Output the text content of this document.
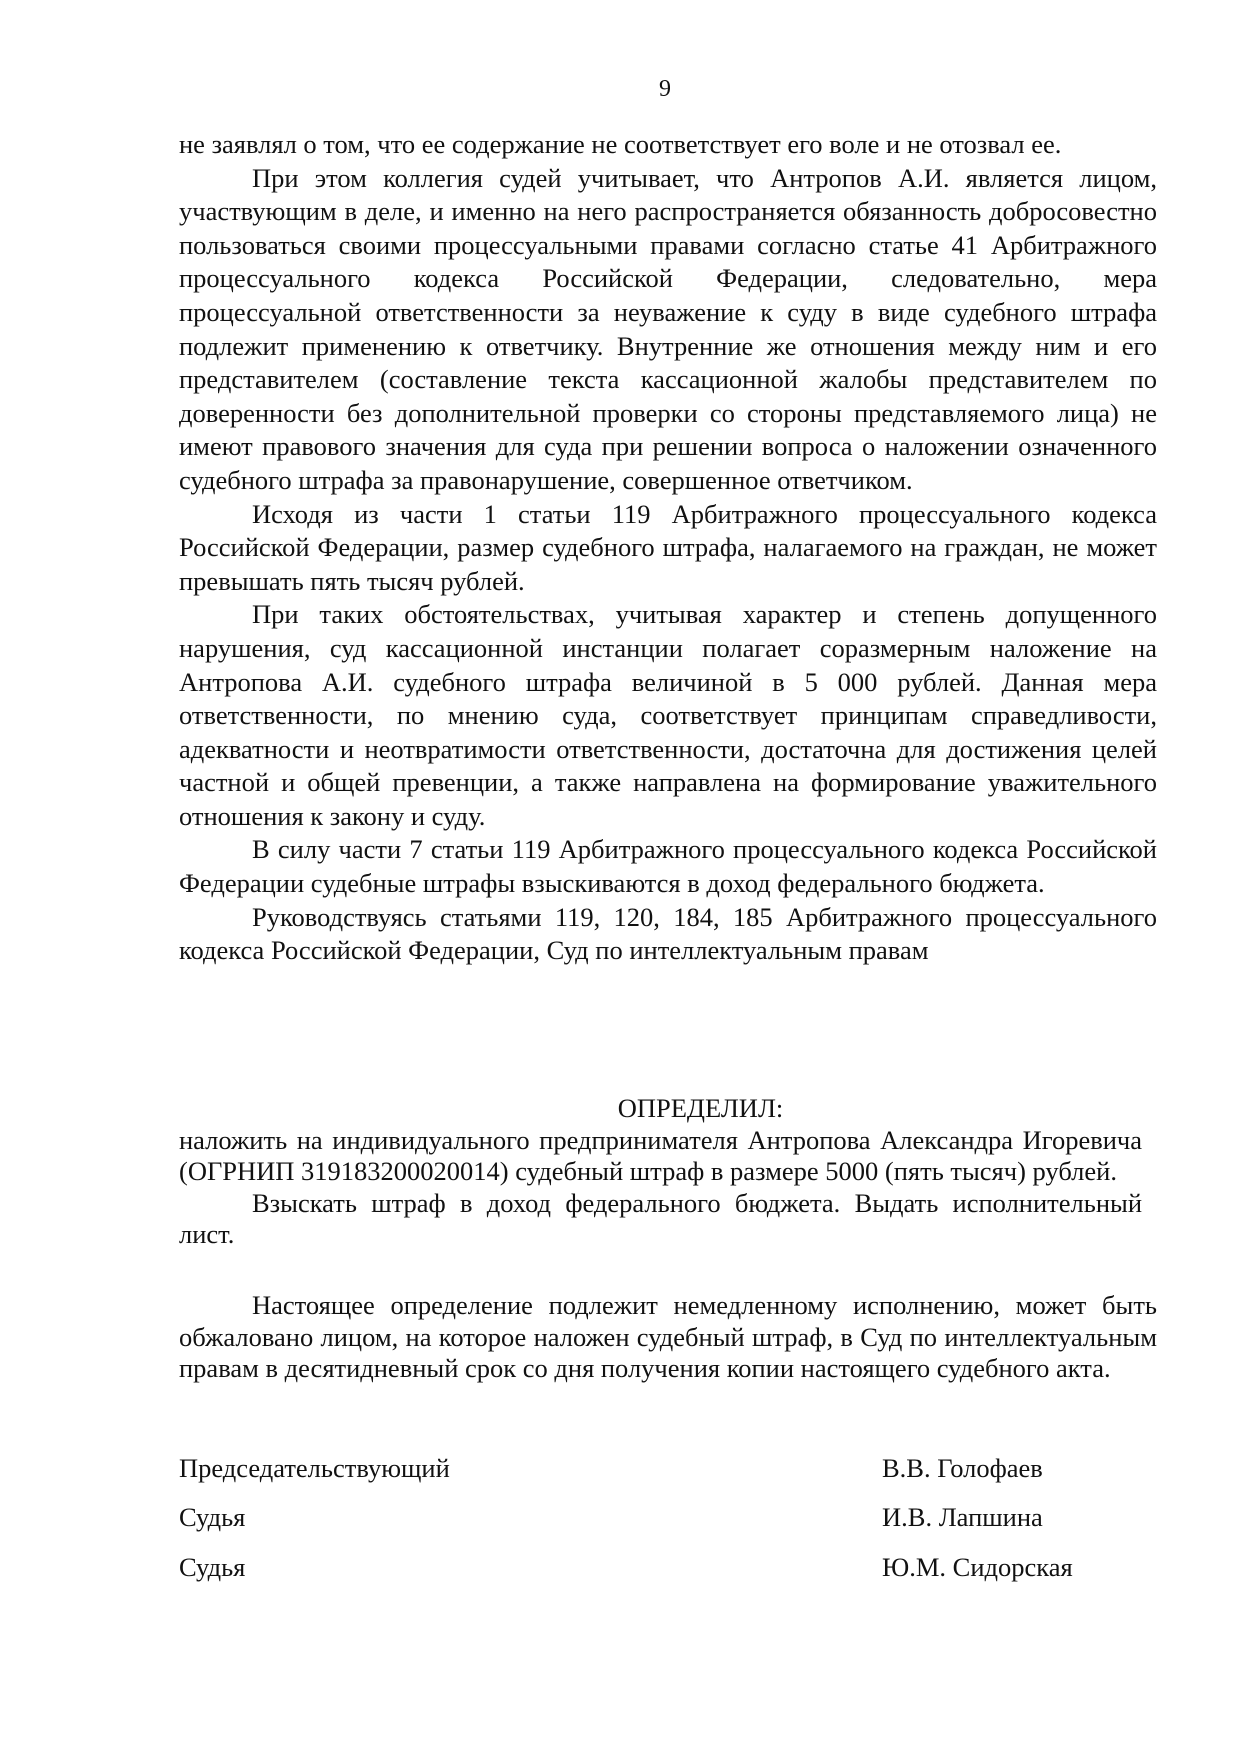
9

не заявлял о том, что ее содержание не соответствует его воле и не отозвал ее.

При этом коллегия судей учитывает, что Антропов А.И. является лицом, участвующим в деле, и именно на него распространяется обязанность добросовестно пользоваться своими процессуальными правами согласно статье 41 Арбитражного процессуального кодекса Российской Федерации, следовательно, мера процессуальной ответственности за неуважение к суду в виде судебного штрафа подлежит применению к ответчику. Внутренние же отношения между ним и его представителем (составление текста кассационной жалобы представителем по доверенности без дополнительной проверки со стороны представляемого лица) не имеют правового значения для суда при решении вопроса о наложении означенного судебного штрафа за правонарушение, совершенное ответчиком.

Исходя из части 1 статьи 119 Арбитражного процессуального кодекса Российской Федерации, размер судебного штрафа, налагаемого на граждан, не может превышать пять тысяч рублей.

При таких обстоятельствах, учитывая характер и степень допущенного нарушения, суд кассационной инстанции полагает соразмерным наложение на Антропова А.И. судебного штрафа величиной в 5 000 рублей. Данная мера ответственности, по мнению суда, соответствует принципам справедливости, адекватности и неотвратимости ответственности, достаточна для достижения целей частной и общей превенции, а также направлена на формирование уважительного отношения к закону и суду.

В силу части 7 статьи 119 Арбитражного процессуального кодекса Российской Федерации судебные штрафы взыскиваются в доход федерального бюджета.

Руководствуясь статьями 119, 120, 184, 185 Арбитражного процессуального кодекса Российской Федерации, Суд по интеллектуальным правам

ОПРЕДЕЛИЛ:

наложить на индивидуального предпринимателя Антропова Александра Игоревича (ОГРНИП 319183200020014) судебный штраф в размере 5000 (пять тысяч) рублей.

Взыскать штраф в доход федерального бюджета. Выдать исполнительный лист.

Настоящее определение подлежит немедленному исполнению, может быть обжаловано лицом, на которое наложен судебный штраф, в Суд по интеллектуальным правам в десятидневный срок со дня получения копии настоящего судебного акта.

Председательствующий	В.В. Голофаев
Судья	И.В. Лапшина
Судья	Ю.М. Сидорская
